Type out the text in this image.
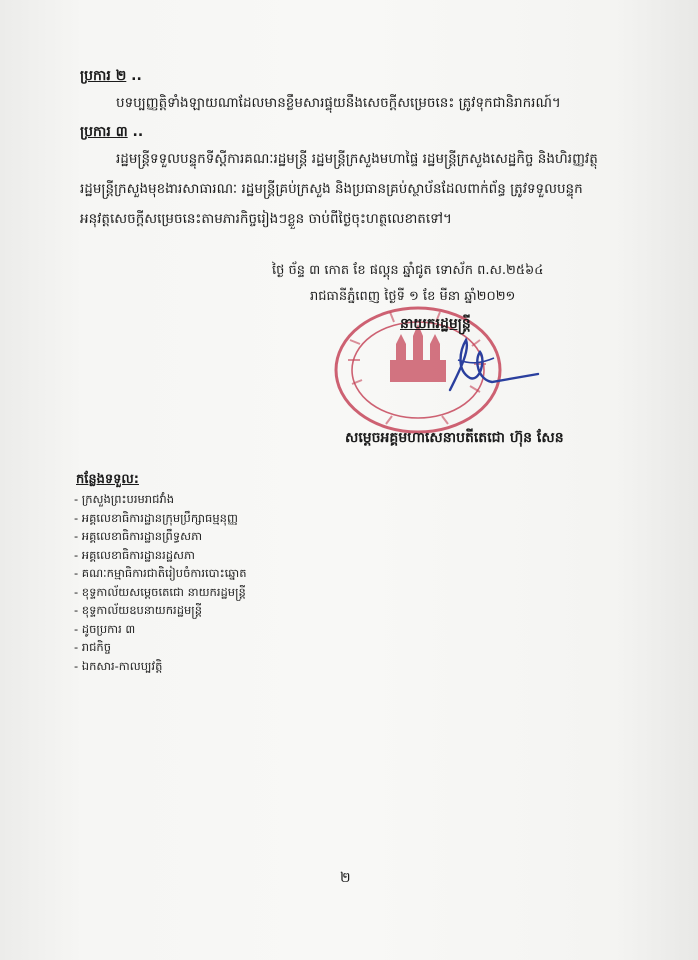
ប្រការ ២ ..
បទប្បញ្ញត្តិទាំងឡាយណាដែលមានខ្លឹមសារផ្ទុយនឹងសេចក្តីសម្រេចនេះ ត្រូវទុកជានិរាករណ៍។
ប្រការ ៣ ..
រដ្ឋមន្ត្រីទទួលបន្ទុកទីស្តីការគណៈរដ្ឋមន្ត្រី រដ្ឋមន្ត្រីក្រសួងមហាផ្ទៃ រដ្ឋមន្ត្រីក្រសួងសេដ្ឋកិច្ច និងហិរញ្ញវត្ថុ
រដ្ឋមន្ត្រីក្រសួងមុខងារសាធារណៈ រដ្ឋមន្ត្រីគ្រប់ក្រសួង និងប្រធានគ្រប់ស្ថាប័នដែលពាក់ព័ន្ធ ត្រូវទទួលបន្ទុក
អនុវត្តសេចក្តីសម្រេចនេះតាមភារកិច្ចរៀងៗខ្លួន ចាប់ពីថ្ងៃចុះហត្ថលេខាតទៅ។
ថ្ងៃ ច័ន្ទ ៣ កោត ខែ ផល្គុន ឆ្នាំជូត ទោស័ក ព.ស.២៥៦៤
រាជធានីភ្នំពេញ ថ្ងៃទី ១ ខែ មីនា ឆ្នាំ២០២១
នាយករដ្ឋមន្ត្រី
សម្តេចអគ្គមហាសេនាបតីតេជោ ហ៊ុន សែន
កន្លែងទទួល:
- ក្រសួងព្រះបរមរាជវាំង
- អគ្គលេខាធិការដ្ឋានក្រុមប្រឹក្សាធម្មនុញ្ញ
- អគ្គលេខាធិការដ្ឋានព្រឹទ្ធសភា
- អគ្គលេខាធិការដ្ឋានរដ្ឋសភា
- គណៈកម្មាធិការជាតិរៀបចំការបោះឆ្នោត
- ខុទ្ទកាល័យសម្តេចតេជោ នាយករដ្ឋមន្ត្រី
- ខុទ្ទកាល័យឧបនាយករដ្ឋមន្ត្រី
- ដូចប្រការ ៣
- រាជកិច្ច
- ឯកសារ-កាលប្បវត្តិ
២
